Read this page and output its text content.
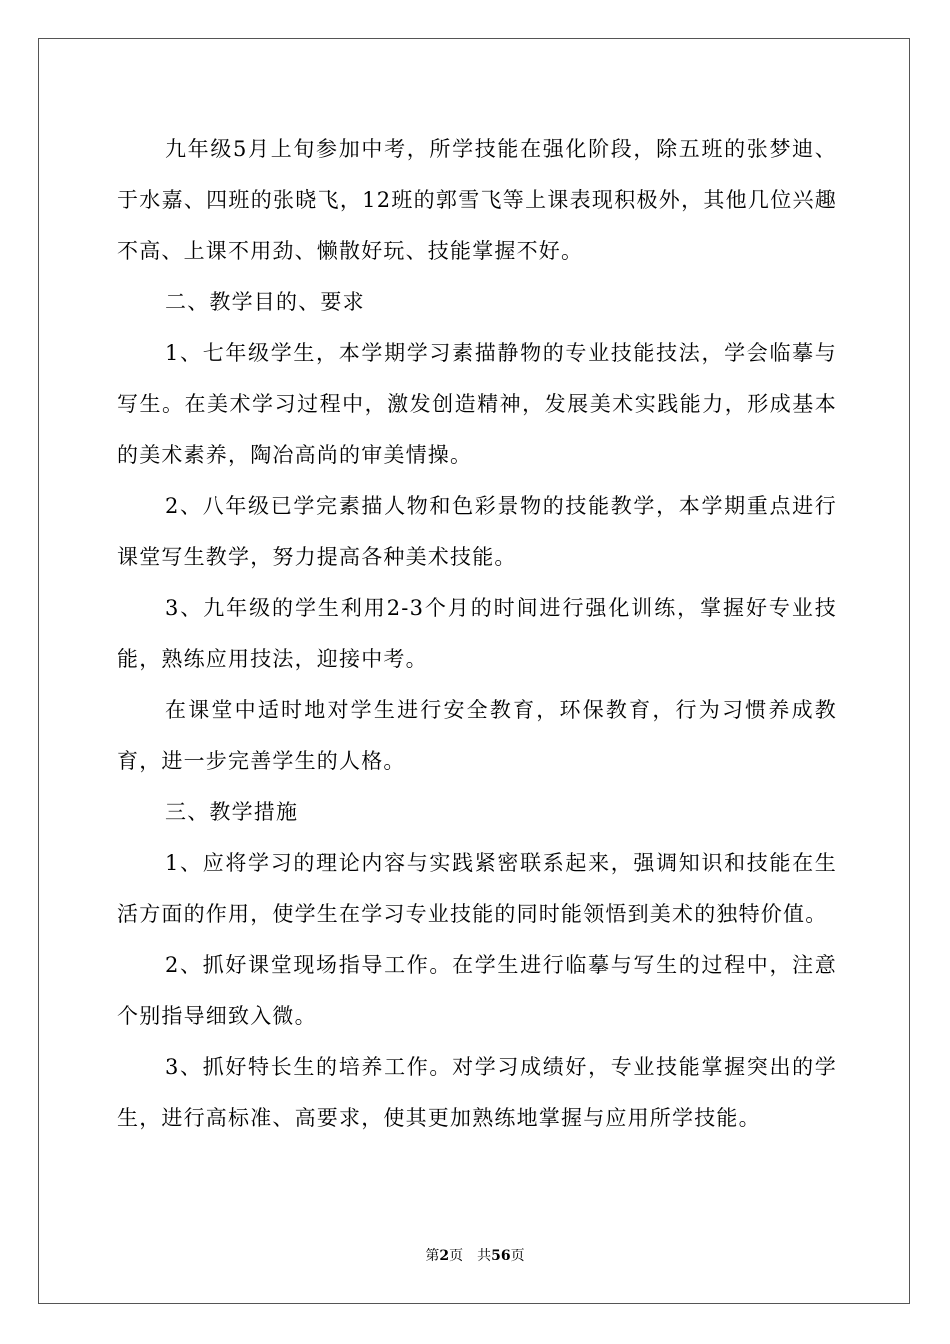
九年级5月上旬参加中考，所学技能在强化阶段，除五班的张梦迪、于水嘉、四班的张晓飞，12班的郭雪飞等上课表现积极外，其他几位兴趣不高、上课不用劲、懒散好玩、技能掌握不好。

二、教学目的、要求

1、七年级学生，本学期学习素描静物的专业技能技法，学会临摹与写生。在美术学习过程中，激发创造精神，发展美术实践能力，形成基本的美术素养，陶冶高尚的审美情操。

2、八年级已学完素描人物和色彩景物的技能教学，本学期重点进行课堂写生教学，努力提高各种美术技能。

3、九年级的学生利用2-3个月的时间进行强化训练，掌握好专业技能，熟练应用技法，迎接中考。

在课堂中适时地对学生进行安全教育，环保教育，行为习惯养成教育，进一步完善学生的人格。

三、教学措施

1、应将学习的理论内容与实践紧密联系起来，强调知识和技能在生活方面的作用，使学生在学习专业技能的同时能领悟到美术的独特价值。

2、抓好课堂现场指导工作。在学生进行临摹与写生的过程中，注意个别指导细致入微。

3、抓好特长生的培养工作。对学习成绩好，专业技能掌握突出的学生，进行高标准、高要求，使其更加熟练地掌握与应用所学技能。

第2页 共56页
